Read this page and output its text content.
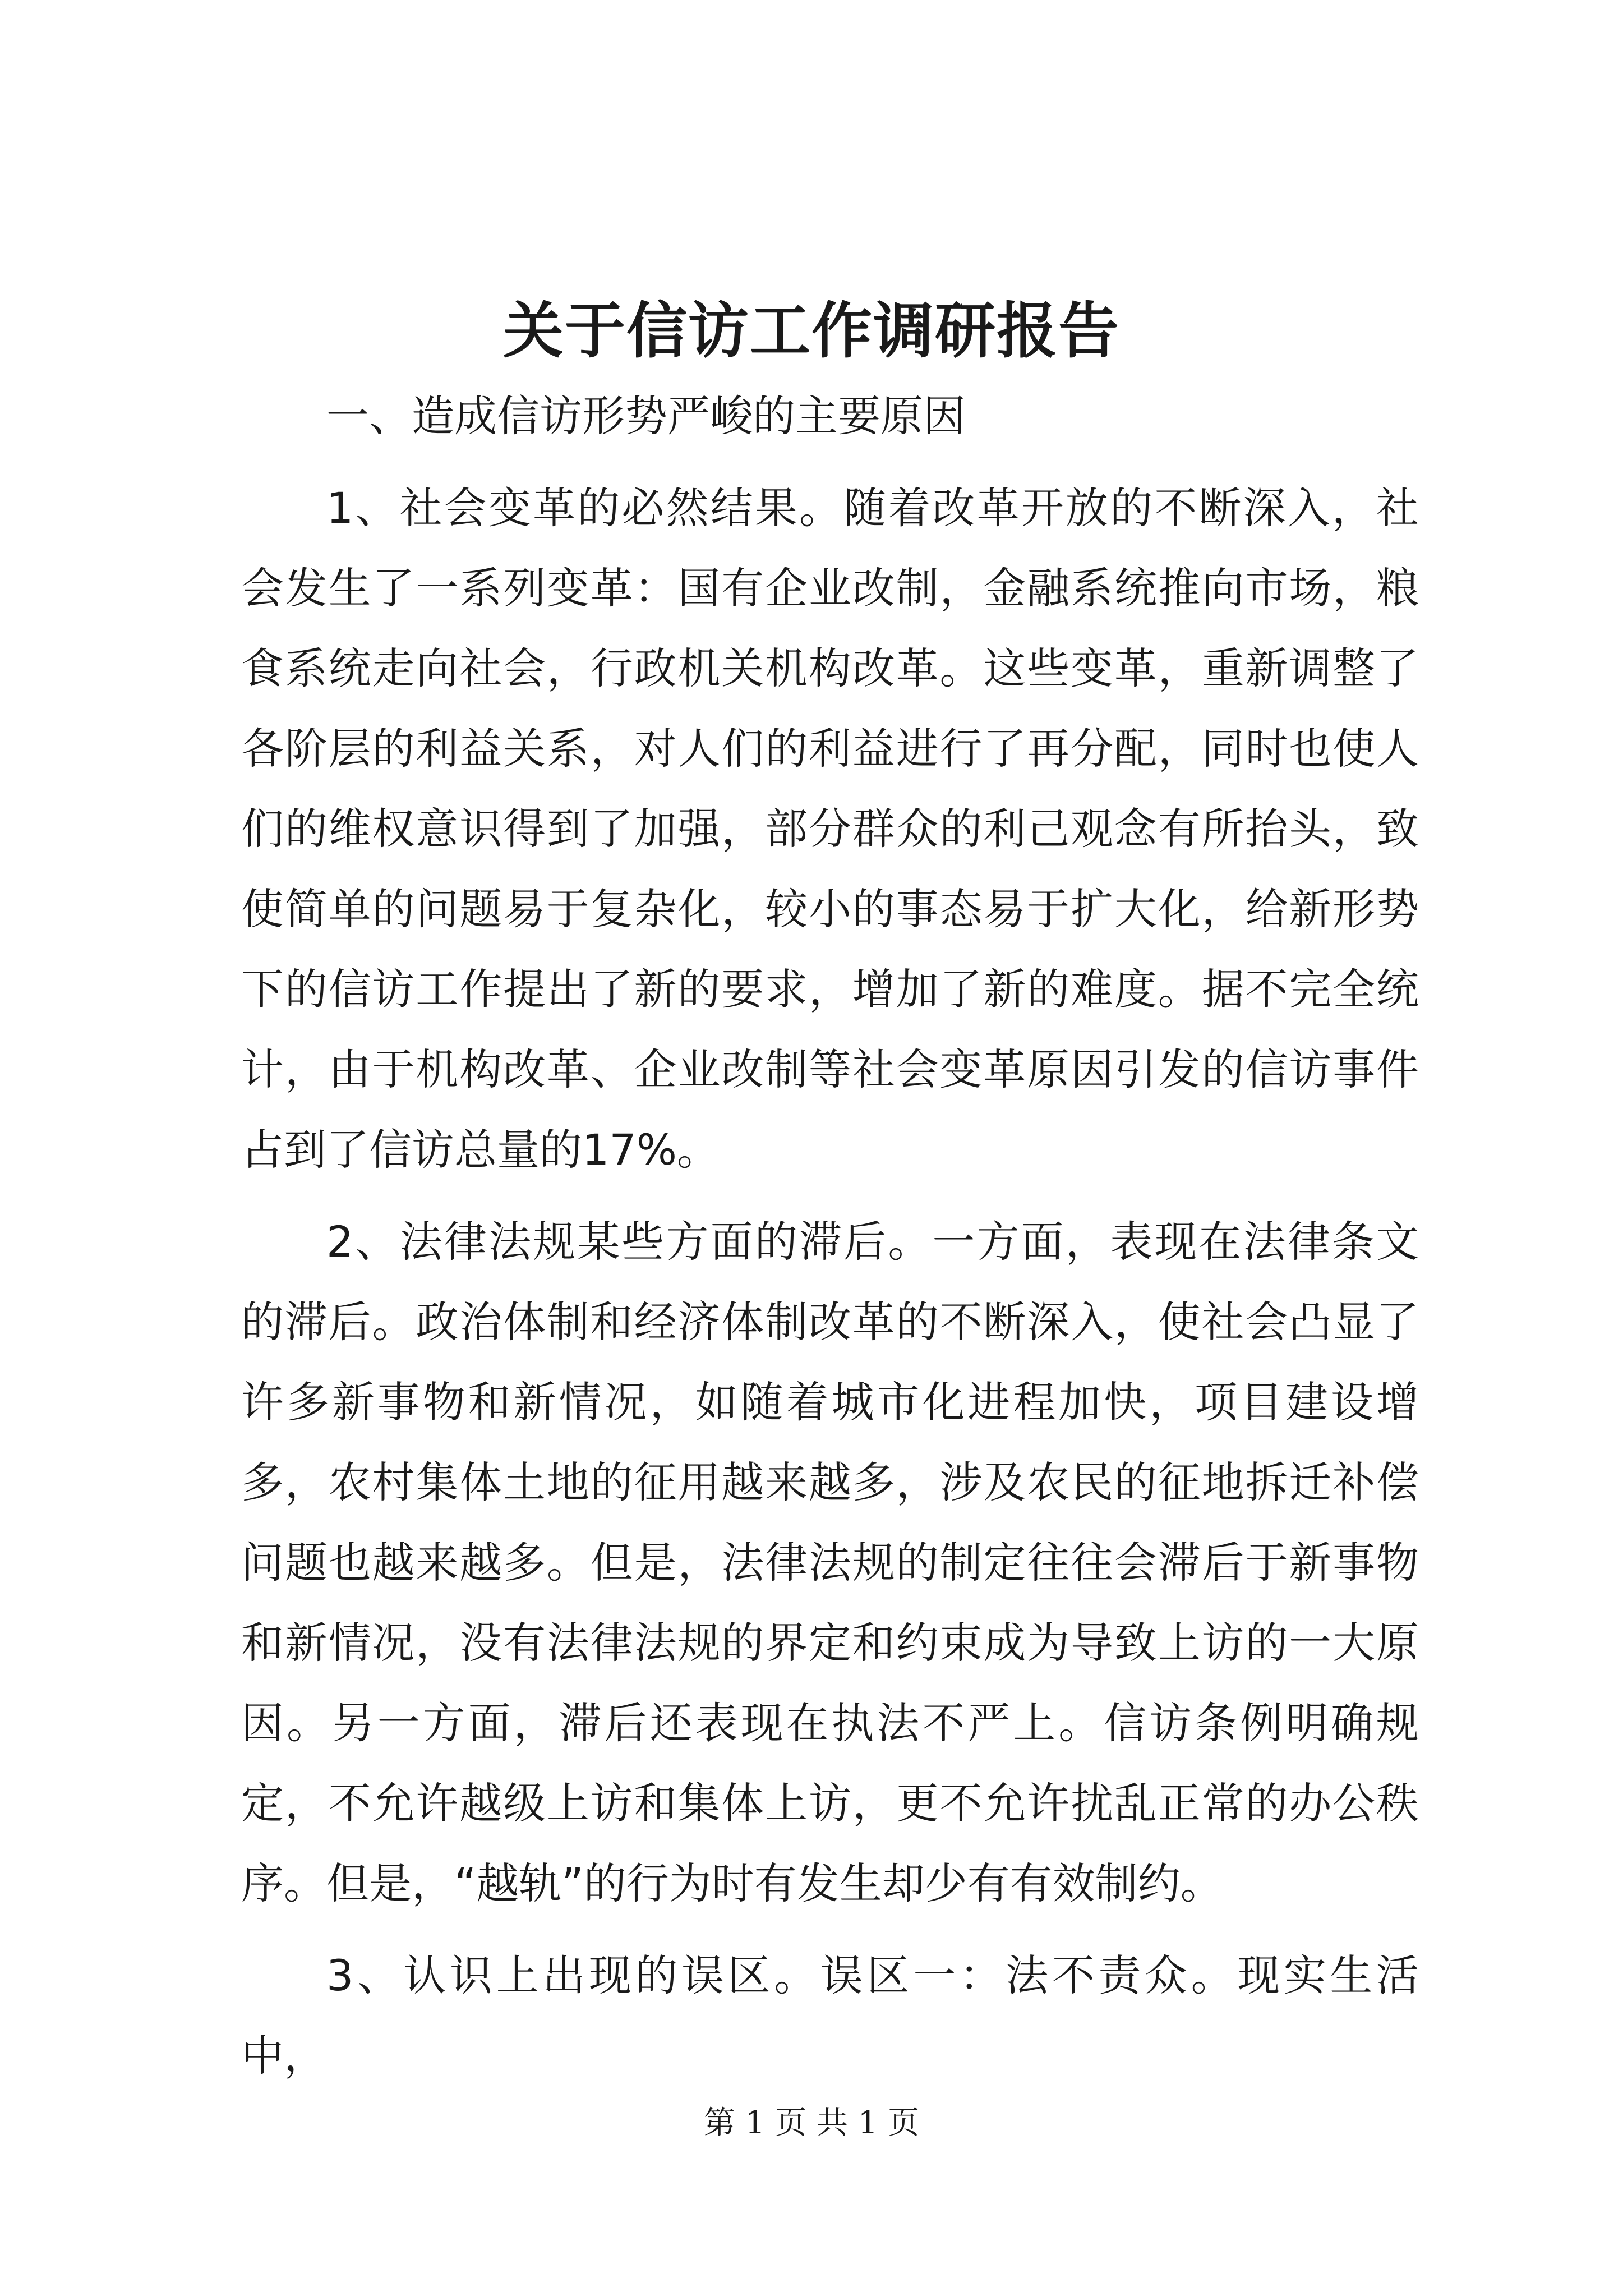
关于信访工作调研报告

一、造成信访形势严峻的主要原因

1、社会变革的必然结果。随着改革开放的不断深入，社会发生了一系列变革：国有企业改制，金融系统推向市场，粮食系统走向社会，行政机关机构改革。这些变革，重新调整了各阶层的利益关系，对人们的利益进行了再分配，同时也使人们的维权意识得到了加强，部分群众的利己观念有所抬头，致使简单的问题易于复杂化，较小的事态易于扩大化，给新形势下的信访工作提出了新的要求，增加了新的难度。据不完全统计，由于机构改革、企业改制等社会变革原因引发的信访事件占到了信访总量的17%。

2、法律法规某些方面的滞后。一方面，表现在法律条文的滞后。政治体制和经济体制改革的不断深入，使社会凸显了许多新事物和新情况，如随着城市化进程加快，项目建设增多，农村集体土地的征用越来越多，涉及农民的征地拆迁补偿问题也越来越多。但是，法律法规的制定往往会滞后于新事物和新情况，没有法律法规的界定和约束成为导致上访的一大原因。另一方面，滞后还表现在执法不严上。信访条例明确规定，不允许越级上访和集体上访，更不允许扰乱正常的办公秩序。但是，“越轨”的行为时有发生却少有有效制约。

3、认识上出现的误区。误区一：法不责众。现实生活中，

第 1 页 共 1 页
